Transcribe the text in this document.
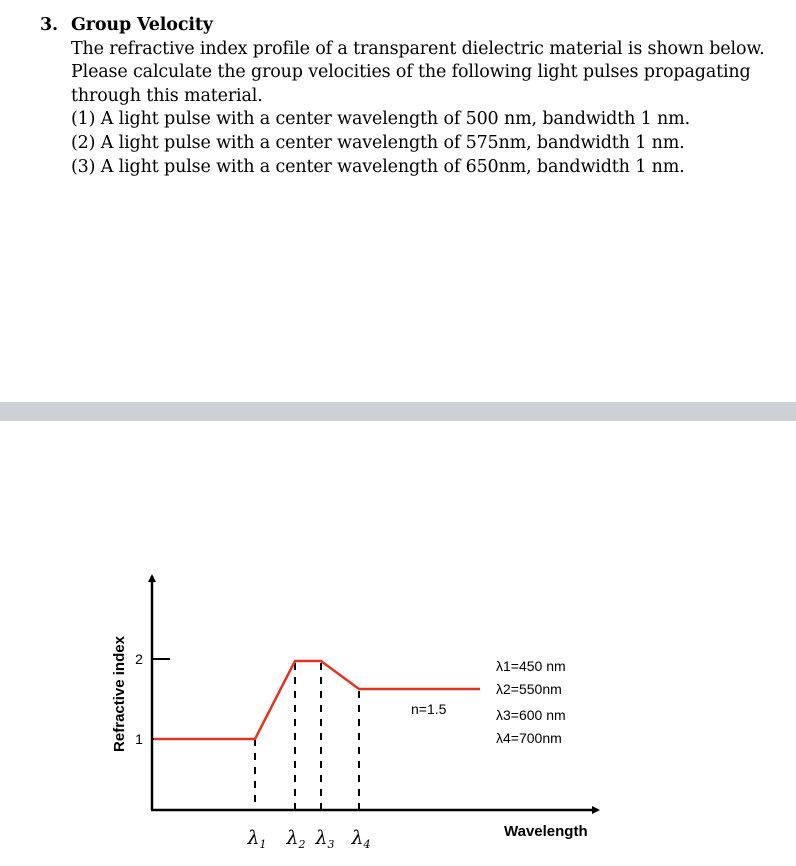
3. Group Velocity
The refractive index profile of a transparent dielectric material is shown below.
Please calculate the group velocities of the following light pulses propagating
through this material.
(1) A light pulse with a center wavelength of 500 nm, bandwidth 1 nm.
(2) A light pulse with a center wavelength of 575nm, bandwidth 1 nm.
(3) A light pulse with a center wavelength of 650nm, bandwidth 1 nm.
2
1
Refractive index
$\lambda_1$ $\lambda_2$ $\lambda_3$ $\lambda_4$
n=1.5
λ1=450 nm
λ2=550nm
λ3=600 nm
λ4=700nm
Wavelength
